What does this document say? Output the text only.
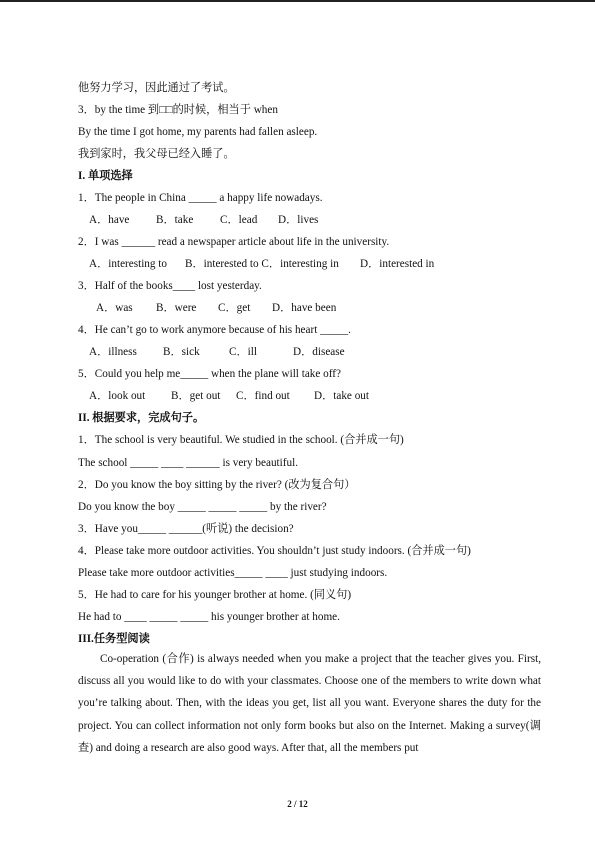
他努力学习，因此通过了考试。
3．by the time 到□□的时候，相当于 when
By the time I got home, my parents had fallen asleep.
我到家时，我父母已经入睡了。
I. 单项选择
1．The people in China _____ a happy life nowadays.
A．have B．take C．lead D．lives
2．I was ______ read a newspaper article about life in the university.
A．interesting to B．interested to C．interesting in D．interested in
3．Half of the books____ lost yesterday.
A．was B．were C．get D．have been
4．He can’t go to work anymore because of his heart _____.
A．illness B．sick	C．ill	D．disease
5．Could you help me_____ when the plane will take off?
A．look out B．get out C．find out D．take out
II. 根据要求，完成句子。
1．The school is very beautiful. We studied in the school. (合并成一句)
The school _____ ____ ______ is very beautiful.
2．Do you know the boy sitting by the river? (改为复合句）
Do you know the boy _____ _____ _____ by the river?
3．Have you_____ ______(听说) the decision?
4．Please take more outdoor activities. You shouldn’t just study indoors. (合并成一句)
Please take more outdoor activities_____ ____ just studying indoors.
5．He had to care for his younger brother at home. (同义句)
He had to ____ _____ _____ his younger brother at home.
III.任务型阅读
Co-operation (合作) is always needed when you make a project that the teacher gives you. First, discuss all you would like to do with your classmates. Choose one of the members to write down what you’re talking about. Then, with the ideas you get, list all you want. Everyone shares the duty for the project. You can collect information not only form books but also on the Internet. Making a survey(调查) and doing a research are also good ways. After that, all the members put
2 / 12
